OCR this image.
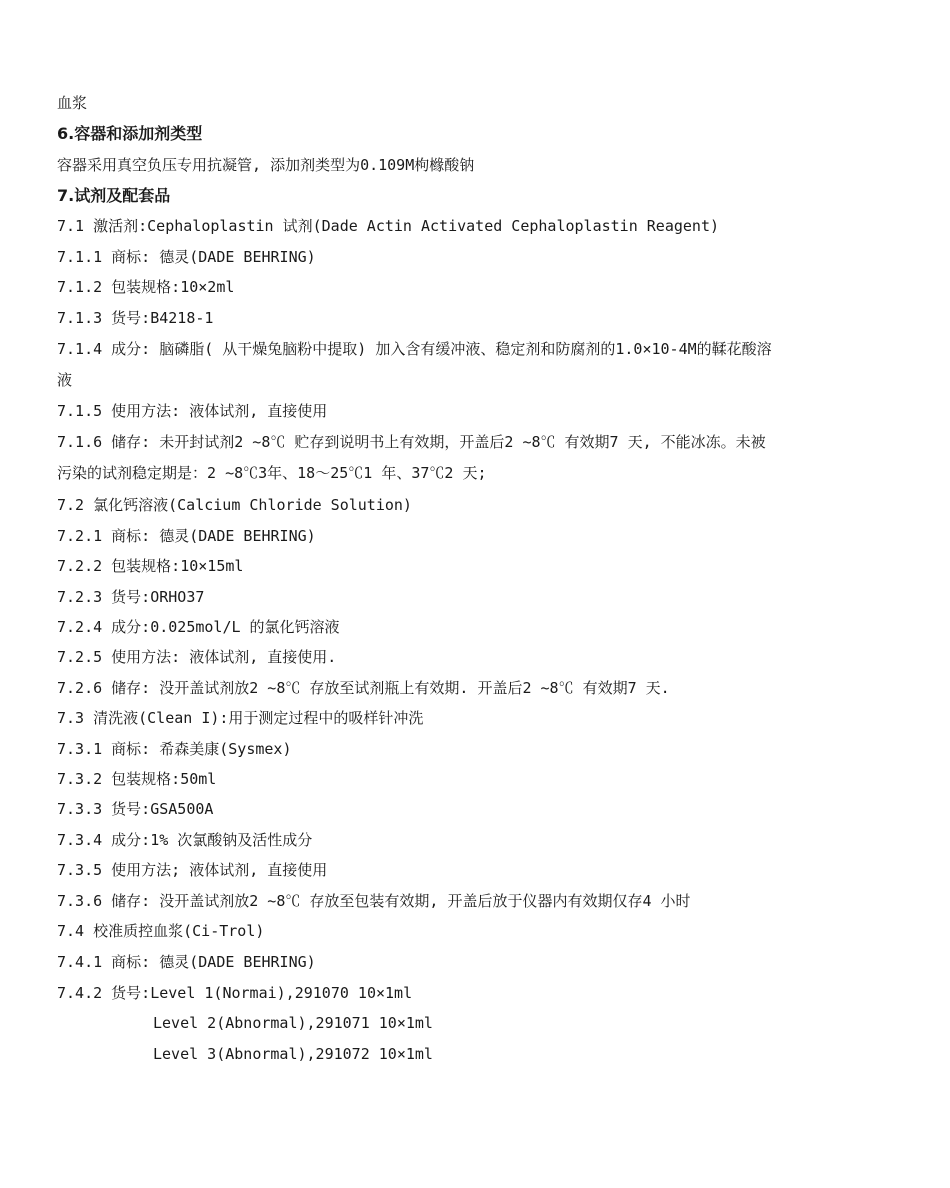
血浆
6.容器和添加剂类型
容器采用真空负压专用抗凝管, 添加剂类型为0.109M枸橼酸钠
7.试剂及配套品
7.1 激活剂:Cephaloplastin 试剂(Dade Actin Activated Cephaloplastin Reagent)
7.1.1 商标: 德灵(DADE BEHRING)
7.1.2 包装规格:10×2ml
7.1.3 货号:B4218-1
7.1.4 成分: 脑磷脂( 从干燥兔脑粉中提取) 加入含有缓冲液、稳定剂和防腐剂的1.0×10-4M的鞣花酸溶
液
7.1.5 使用方法: 液体试剂, 直接使用
7.1.6 储存: 未开封试剂2 ~8℃ 贮存到说明书上有效期，开盖后2 ~8℃ 有效期7 天, 不能冰冻。未被
污染的试剂稳定期是：2 ~8℃3年、18～25℃1 年、37℃2 天;
7.2 氯化钙溶液(Calcium Chloride Solution)
7.2.1 商标: 德灵(DADE BEHRING)
7.2.2 包装规格:10×15ml
7.2.3 货号:ORHO37
7.2.4 成分:0.025mol/L 的氯化钙溶液
7.2.5 使用方法: 液体试剂, 直接使用.
7.2.6 储存: 没开盖试剂放2 ~8℃ 存放至试剂瓶上有效期. 开盖后2 ~8℃ 有效期7 天.
7.3 清洗液(Clean I):用于测定过程中的吸样针冲洗
7.3.1 商标: 希森美康(Sysmex)
7.3.2 包装规格:50ml
7.3.3 货号:GSA500A
7.3.4 成分:1% 次氯酸钠及活性成分
7.3.5 使用方法; 液体试剂, 直接使用
7.3.6 储存: 没开盖试剂放2 ~8℃ 存放至包装有效期, 开盖后放于仪器内有效期仅存4 小时
7.4 校准质控血浆(Ci-Trol)
7.4.1 商标: 德灵(DADE BEHRING)
7.4.2 货号:Level 1(Normai),291070 10×1ml
Level 2(Abnormal),291071 10×1ml
Level 3(Abnormal),291072 10×1ml
